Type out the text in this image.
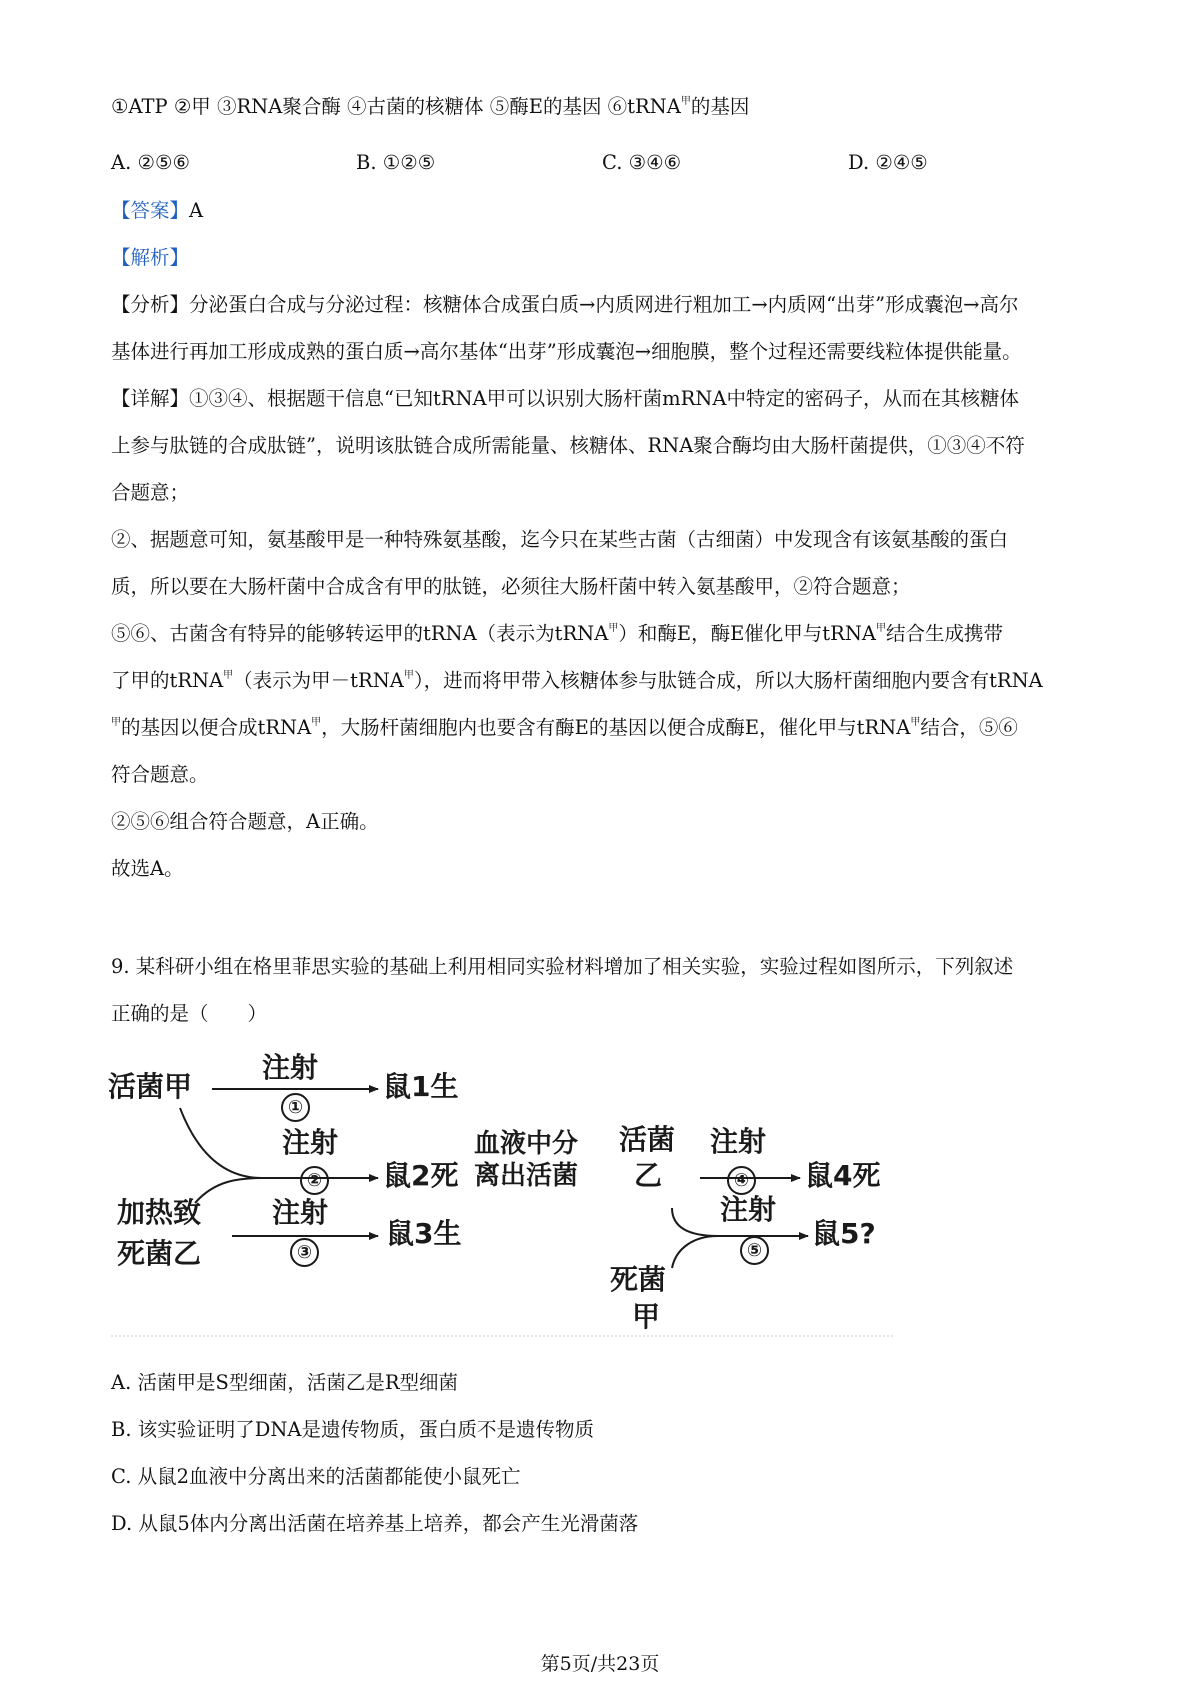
①ATP ②甲 ③RNA聚合酶 ④古菌的核糖体 ⑤酶E的基因 ⑥tRNA$^甲$的基因

A. ②⑤⑥	B. ①②⑤	C. ③④⑥	D. ②④⑤

【答案】A

【解析】

【分析】分泌蛋白合成与分泌过程：核糖体合成蛋白质→内质网进行粗加工→内质网“出芽”形成囊泡→高尔

基体进行再加工形成成熟的蛋白质→高尔基体“出芽”形成囊泡→细胞膜，整个过程还需要线粒体提供能量。

【详解】①③④、根据题干信息“已知tRNA甲可以识别大肠杆菌mRNA中特定的密码子，从而在其核糖体

上参与肽链的合成肽链”，说明该肽链合成所需能量、核糖体、RNA聚合酶均由大肠杆菌提供，①③④不符

合题意；

②、据题意可知，氨基酸甲是一种特殊氨基酸，迄今只在某些古菌（古细菌）中发现含有该氨基酸的蛋白

质，所以要在大肠杆菌中合成含有甲的肽链，必须往大肠杆菌中转入氨基酸甲，②符合题意；

⑤⑥、古菌含有特异的能够转运甲的tRNA（表示为tRNA$^甲$）和酶E，酶E催化甲与tRNA$^甲$结合生成携带

了甲的tRNA$^甲$（表示为甲－tRNA$^甲$），进而将甲带入核糖体参与肽链合成，所以大肠杆菌细胞内要含有tRNA

$^甲$的基因以便合成tRNA$^甲$，大肠杆菌细胞内也要含有酶E的基因以便合成酶E，催化甲与tRNA$^甲$结合，⑤⑥

符合题意。

②⑤⑥组合符合题意，A正确。

故选A。

9. 某科研小组在格里菲思实验的基础上利用相同实验材料增加了相关实验，实验过程如图所示，下列叙述

正确的是（　　）

活菌甲
注射
①
鼠1生
注射
② 鼠2死
血液中分
离出活菌
活菌
乙
注射
④ 鼠4死
加热致
死菌乙
注射
③
鼠3生
注射
⑤
鼠5?
死菌
甲

A. 活菌甲是S型细菌，活菌乙是R型细菌

B. 该实验证明了DNA是遗传物质，蛋白质不是遗传物质

C. 从鼠2血液中分离出来的活菌都能使小鼠死亡

D. 从鼠5体内分离出活菌在培养基上培养，都会产生光滑菌落

第5页/共23页
